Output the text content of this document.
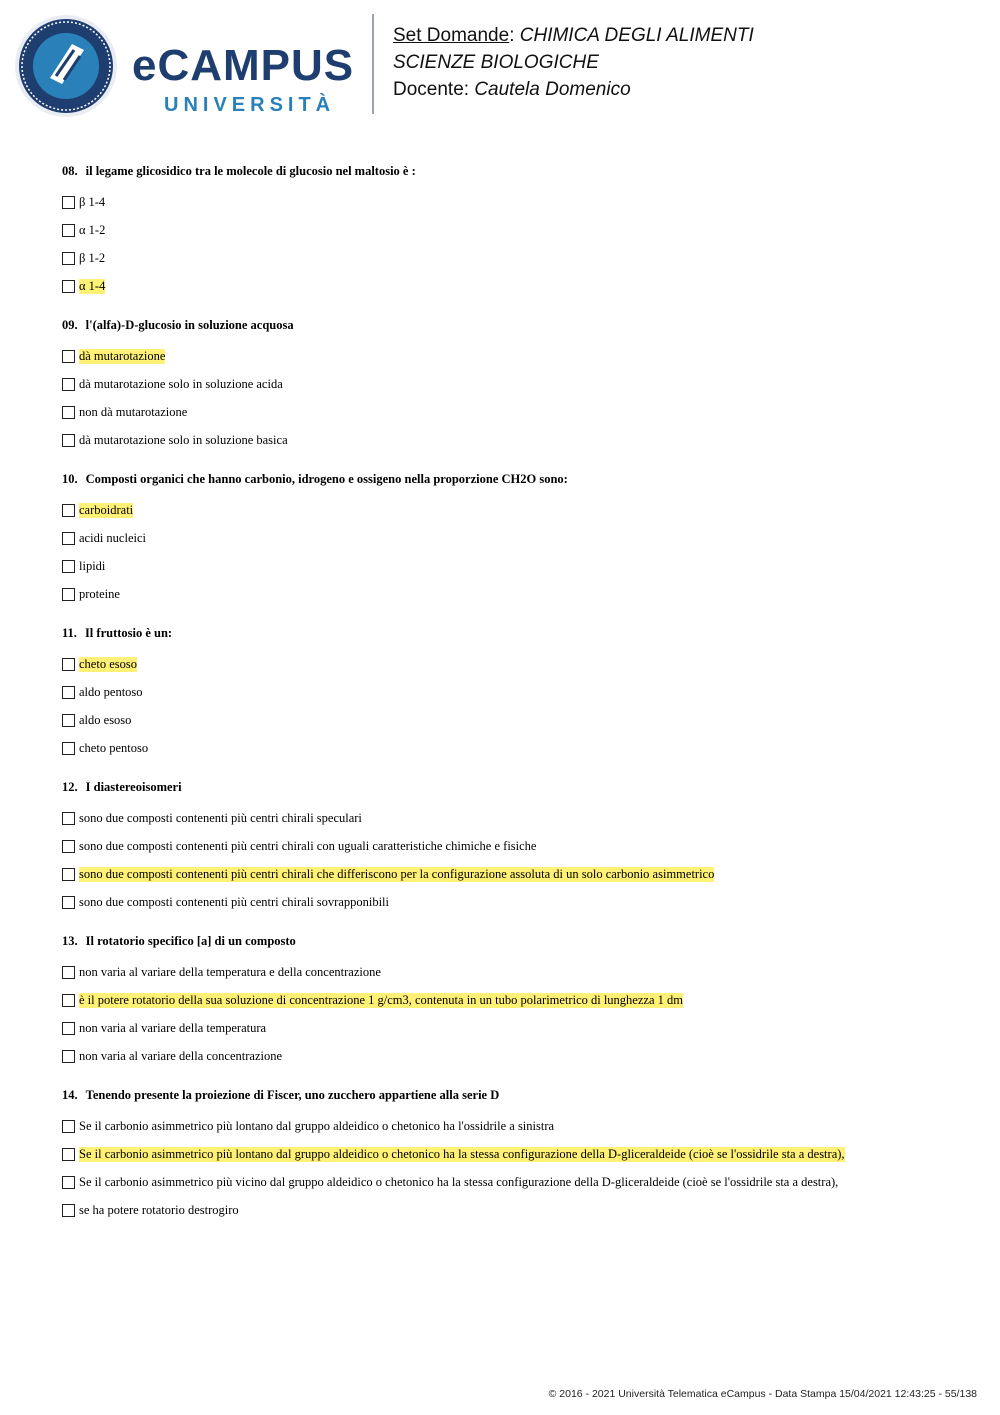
eCAMPUS
UNIVERSITÀ
Set Domande: CHIMICA DEGLI ALIMENTI
SCIENZE BIOLOGICHE
Docente: Cautela Domenico
08. il legame glicosidico tra le molecole di glucosio nel maltosio è :
β 1-4
α 1-2
β 1-2
α 1-4
09. l'(alfa)-D-glucosio in soluzione acquosa
dà mutarotazione
dà mutarotazione solo in soluzione acida
non dà mutarotazione
dà mutarotazione solo in soluzione basica
10. Composti organici che hanno carbonio, idrogeno e ossigeno nella proporzione CH2O sono:
carboidrati
acidi nucleici
lipidi
proteine
11. Il fruttosio è un:
cheto esoso
aldo pentoso
aldo esoso
cheto pentoso
12. I diastereoisomeri
sono due composti contenenti più centri chirali speculari
sono due composti contenenti più centri chirali con uguali caratteristiche chimiche e fisiche
sono due composti contenenti più centri chirali che differiscono per la configurazione assoluta di un solo carbonio asimmetrico
sono due composti contenenti più centri chirali sovrapponibili
13. Il rotatorio specifico [a] di un composto
non varia al variare della temperatura e della concentrazione
è il potere rotatorio della sua soluzione di concentrazione 1 g/cm3, contenuta in un tubo polarimetrico di lunghezza 1 dm
non varia al variare della temperatura
non varia al variare della concentrazione
14. Tenendo presente la proiezione di Fiscer, uno zucchero appartiene alla serie D
Se il carbonio asimmetrico più lontano dal gruppo aldeidico o chetonico ha l'ossidrile a sinistra
Se il carbonio asimmetrico più lontano dal gruppo aldeidico o chetonico ha la stessa configurazione della D-gliceraldeide (cioè se l'ossidrile sta a destra),
Se il carbonio asimmetrico più vicino dal gruppo aldeidico o chetonico ha la stessa configurazione della D-gliceraldeide (cioè se l'ossidrile sta a destra),
se ha potere rotatorio destrogiro
© 2016 - 2021 Università Telematica eCampus - Data Stampa 15/04/2021 12:43:25 - 55/138
